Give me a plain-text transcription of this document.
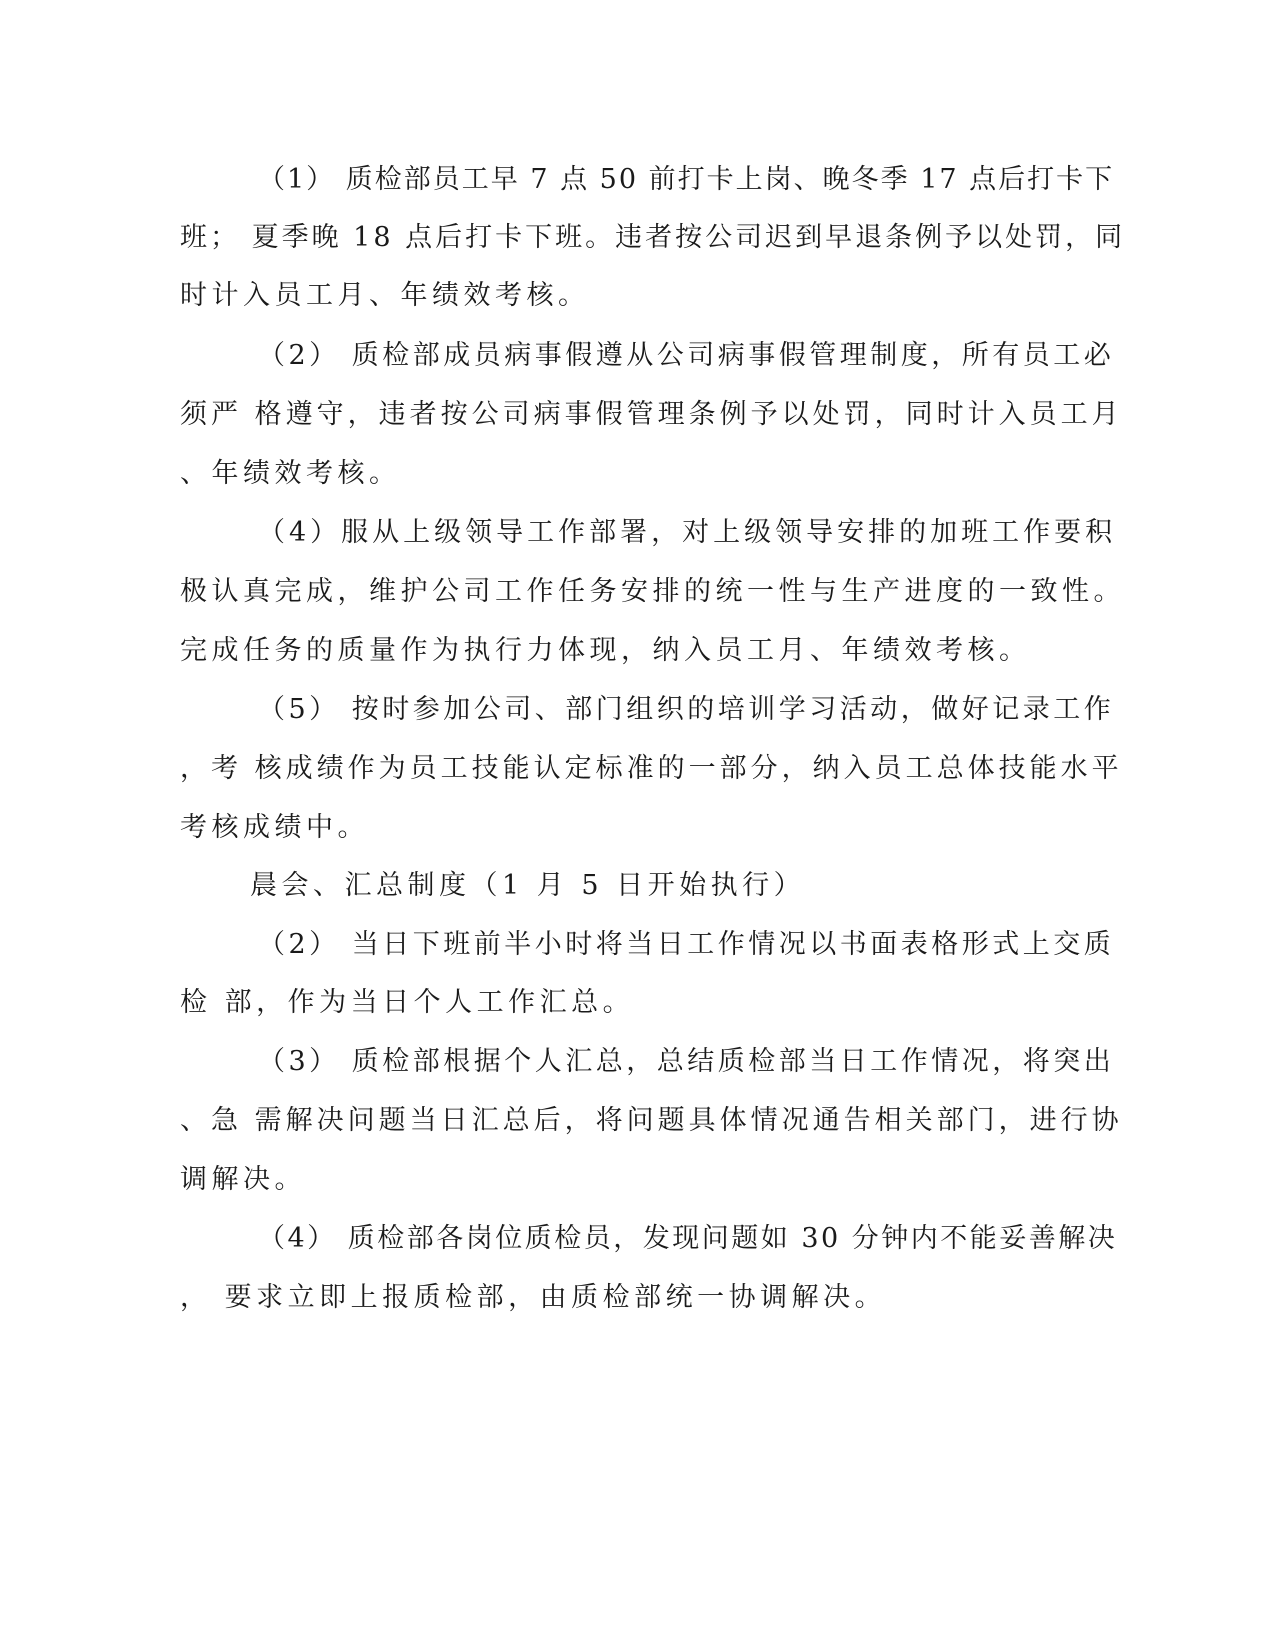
（1） 质检部员工早 7 点 50 前打卡上岗、晚冬季 17 点后打卡下

班； 夏季晚 18 点后打卡下班。违者按公司迟到早退条例予以处罚，同

时计入员工月、年绩效考核。

（2） 质检部成员病事假遵从公司病事假管理制度，所有员工必

须严 格遵守，违者按公司病事假管理条例予以处罚，同时计入员工月

、年绩效考核。

（4）服从上级领导工作部署，对上级领导安排的加班工作要积

极认真完成，维护公司工作任务安排的统一性与生产进度的一致性。

完成任务的质量作为执行力体现，纳入员工月、年绩效考核。

（5） 按时参加公司、部门组织的培训学习活动，做好记录工作

，考 核成绩作为员工技能认定标准的一部分，纳入员工总体技能水平

考核成绩中。

晨会、汇总制度（1 月 5 日开始执行）

（2） 当日下班前半小时将当日工作情况以书面表格形式上交质

检 部，作为当日个人工作汇总。

（3） 质检部根据个人汇总，总结质检部当日工作情况，将突出

、急 需解决问题当日汇总后，将问题具体情况通告相关部门，进行协

调解决。

（4） 质检部各岗位质检员，发现问题如 30 分钟内不能妥善解决

， 要求立即上报质检部，由质检部统一协调解决。
